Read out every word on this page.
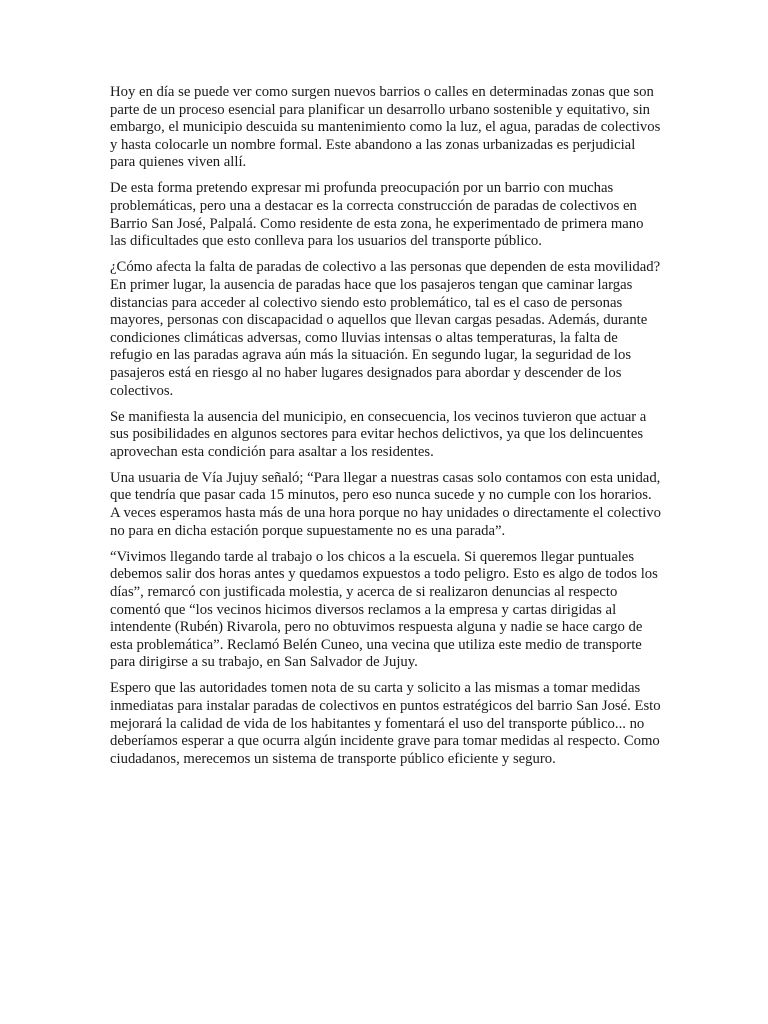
Hoy en día se puede ver como surgen nuevos barrios o calles en determinadas zonas que son parte de un proceso esencial para planificar un desarrollo urbano sostenible y equitativo, sin embargo, el municipio descuida su mantenimiento como la luz, el agua, paradas de colectivos y hasta colocarle un nombre formal. Este abandono a las zonas urbanizadas es perjudicial para quienes viven allí.

De esta forma pretendo expresar mi profunda preocupación por un barrio con muchas problemáticas, pero una a destacar es la correcta construcción de paradas de colectivos en Barrio San José, Palpalá. Como residente de esta zona, he experimentado de primera mano las dificultades que esto conlleva para los usuarios del transporte público.

¿Cómo afecta la falta de paradas de colectivo a las personas que dependen de esta movilidad? En primer lugar, la ausencia de paradas hace que los pasajeros tengan que caminar largas distancias para acceder al colectivo siendo esto problemático, tal es el caso de personas mayores, personas con discapacidad o aquellos que llevan cargas pesadas. Además, durante condiciones climáticas adversas, como lluvias intensas o altas temperaturas, la falta de refugio en las paradas agrava aún más la situación. En segundo lugar, la seguridad de los pasajeros está en riesgo al no haber lugares designados para abordar y descender de los colectivos.

Se manifiesta la ausencia del municipio, en consecuencia, los vecinos tuvieron que actuar a sus posibilidades en algunos sectores para evitar hechos delictivos, ya que los delincuentes aprovechan esta condición para asaltar a los residentes.

Una usuaria de Vía Jujuy señaló; “Para llegar a nuestras casas solo contamos con esta unidad, que tendría que pasar cada 15 minutos, pero eso nunca sucede y no cumple con los horarios. A veces esperamos hasta más de una hora porque no hay unidades o directamente el colectivo no para en dicha estación porque supuestamente no es una parada”.

“Vivimos llegando tarde al trabajo o los chicos a la escuela. Si queremos llegar puntuales debemos salir dos horas antes y quedamos expuestos a todo peligro. Esto es algo de todos los días”, remarcó con justificada molestia, y acerca de si realizaron denuncias al respecto comentó que “los vecinos hicimos diversos reclamos a la empresa y cartas dirigidas al intendente (Rubén) Rivarola, pero no obtuvimos respuesta alguna y nadie se hace cargo de esta problemática”. Reclamó Belén Cuneo, una vecina que utiliza este medio de transporte para dirigirse a su trabajo, en San Salvador de Jujuy.

Espero que las autoridades tomen nota de su carta y solicito a las mismas a tomar medidas inmediatas para instalar paradas de colectivos en puntos estratégicos del barrio San José. Esto mejorará la calidad de vida de los habitantes y fomentará el uso del transporte público... no deberíamos esperar a que ocurra algún incidente grave para tomar medidas al respecto. Como ciudadanos, merecemos un sistema de transporte público eficiente y seguro.
